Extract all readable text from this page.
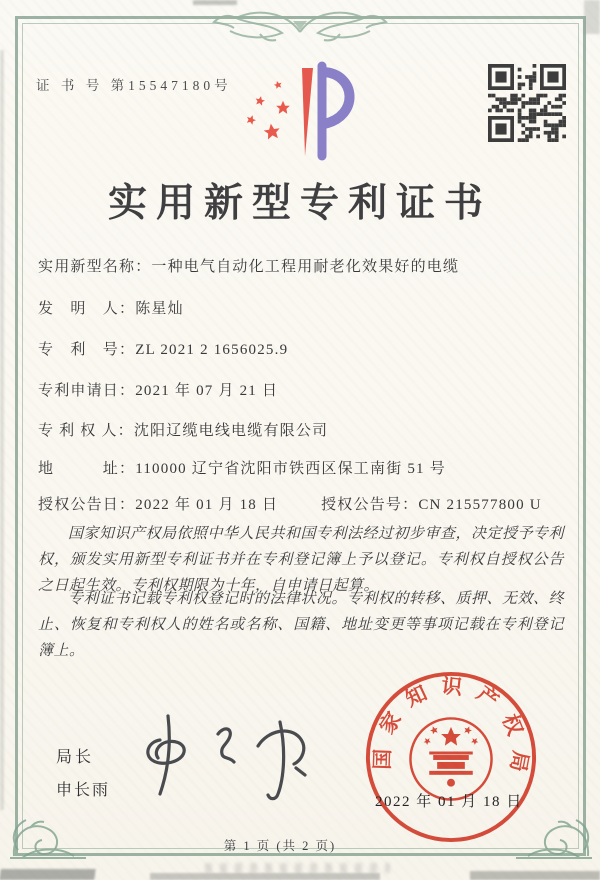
证 书 号 第15547180号
实用新型专利证书
实用新型名称：一种电气自动化工程用耐老化效果好的电缆
发　明　人：陈星灿
专　利　号：ZL 2021 2 1656025.9
专利申请日：2021 年 07 月 21 日
专 利 权 人：沈阳辽缆电线电缆有限公司
地　　　址：110000 辽宁省沈阳市铁西区保工南街 51 号
授权公告日：2022 年 01 月 18 日	授权公告号：CN 215577800 U

国家知识产权局依照中华人民共和国专利法经过初步审查，决定授予专利权，颁发实用新型专利证书并在专利登记簿上予以登记。专利权自授权公告之日起生效。专利权期限为十年，自申请日起算。

专利证书记载专利权登记时的法律状况。专利权的转移、质押、无效、终止、恢复和专利权人的姓名或名称、国籍、地址变更等事项记载在专利登记簿上。

局长
申长雨
国家知识产权局
2022 年 01 月 18 日
第 1 页 (共 2 页)
